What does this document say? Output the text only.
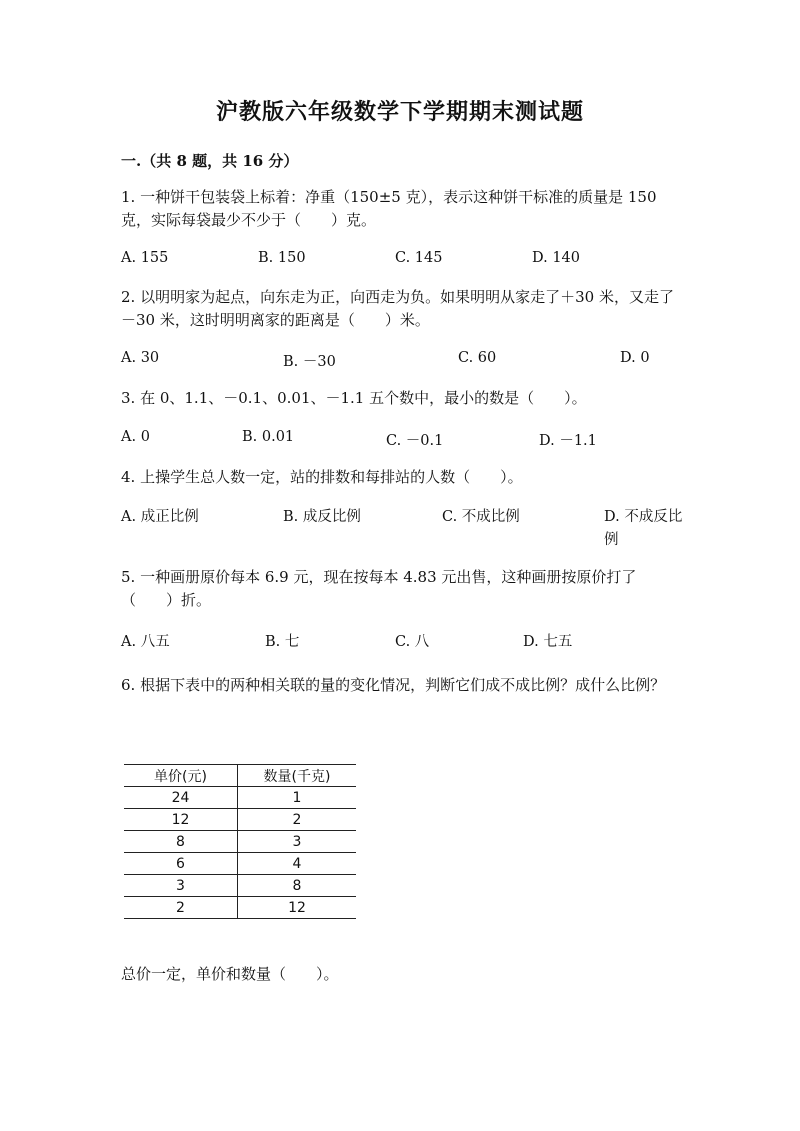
沪教版六年级数学下学期期末测试题
一.（共 8 题，共 16 分）
1. 一种饼干包装袋上标着：净重（150±5 克），表示这种饼干标准的质量是 150 克，实际每袋最少不少于（　　）克。
A. 155	B. 150	C. 145	D. 140
2. 以明明家为起点，向东走为正，向西走为负。如果明明从家走了＋30 米，又走了－30 米，这时明明离家的距离是（　　）米。
A. 30	B. －30	C. 60	D. 0
3. 在 0、1.1、－0.1、0.01、－1.1 五个数中，最小的数是（　　）。
A. 0	B. 0.01	C. －0.1	D. －1.1
4. 上操学生总人数一定，站的排数和每排站的人数（　　）。
A. 成正比例	B. 成反比例	C. 不成比例	D. 不成反比例
5. 一种画册原价每本 6.9 元，现在按每本 4.83 元出售，这种画册按原价打了（　　）折。
A. 八五	B. 七	C. 八	D. 七五
6. 根据下表中的两种相关联的量的变化情况，判断它们成不成比例？成什么比例？
单价(元)	数量(千克)
24	1
12	2
8	3
6	4
3	8
2	12
总价一定，单价和数量（　　）。
